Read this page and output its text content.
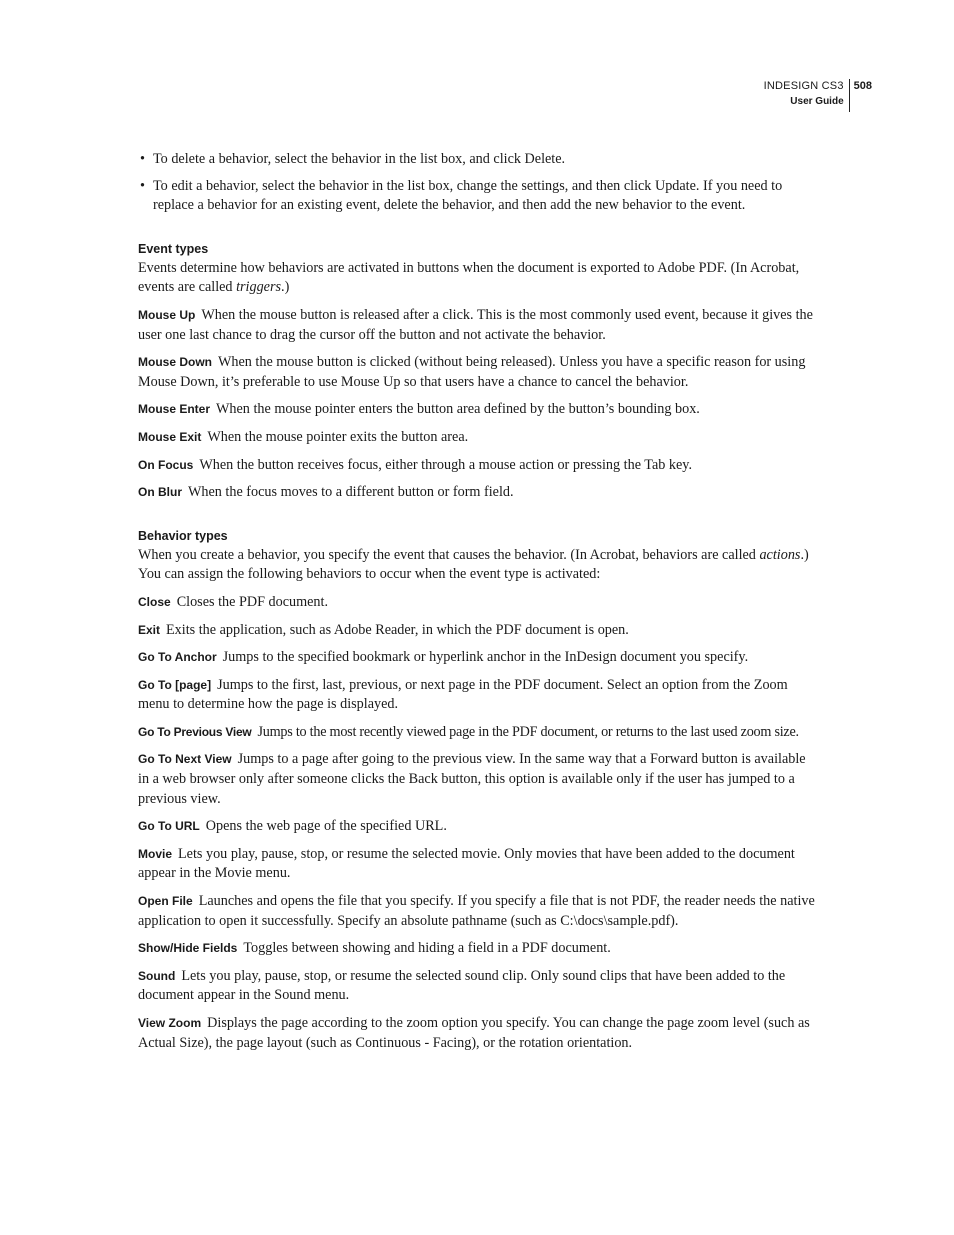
INDESIGN CS3
User Guide
508
• To delete a behavior, select the behavior in the list box, and click Delete.
• To edit a behavior, select the behavior in the list box, change the settings, and then click Update. If you need to replace a behavior for an existing event, delete the behavior, and then add the new behavior to the event.
Event types

Events determine how behaviors are activated in buttons when the document is exported to Adobe PDF. (In Acrobat, events are called triggers.)

Mouse Up When the mouse button is released after a click. This is the most commonly used event, because it gives the user one last chance to drag the cursor off the button and not activate the behavior.

Mouse Down When the mouse button is clicked (without being released). Unless you have a specific reason for using Mouse Down, it’s preferable to use Mouse Up so that users have a chance to cancel the behavior.

Mouse Enter When the mouse pointer enters the button area defined by the button’s bounding box.

Mouse Exit When the mouse pointer exits the button area.

On Focus When the button receives focus, either through a mouse action or pressing the Tab key.

On Blur When the focus moves to a different button or form field.

Behavior types

When you create a behavior, you specify the event that causes the behavior. (In Acrobat, behaviors are called actions.) You can assign the following behaviors to occur when the event type is activated:

Close Closes the PDF document.

Exit Exits the application, such as Adobe Reader, in which the PDF document is open.

Go To Anchor Jumps to the specified bookmark or hyperlink anchor in the InDesign document you specify.

Go To [page] Jumps to the first, last, previous, or next page in the PDF document. Select an option from the Zoom menu to determine how the page is displayed.

Go To Previous View Jumps to the most recently viewed page in the PDF document, or returns to the last used zoom size.

Go To Next View Jumps to a page after going to the previous view. In the same way that a Forward button is available in a web browser only after someone clicks the Back button, this option is available only if the user has jumped to a previous view.

Go To URL Opens the web page of the specified URL.

Movie Lets you play, pause, stop, or resume the selected movie. Only movies that have been added to the document appear in the Movie menu.

Open File Launches and opens the file that you specify. If you specify a file that is not PDF, the reader needs the native application to open it successfully. Specify an absolute pathname (such as C:\docs\sample.pdf).

Show/Hide Fields Toggles between showing and hiding a field in a PDF document.

Sound Lets you play, pause, stop, or resume the selected sound clip. Only sound clips that have been added to the document appear in the Sound menu.

View Zoom Displays the page according to the zoom option you specify. You can change the page zoom level (such as Actual Size), the page layout (such as Continuous - Facing), or the rotation orientation.
